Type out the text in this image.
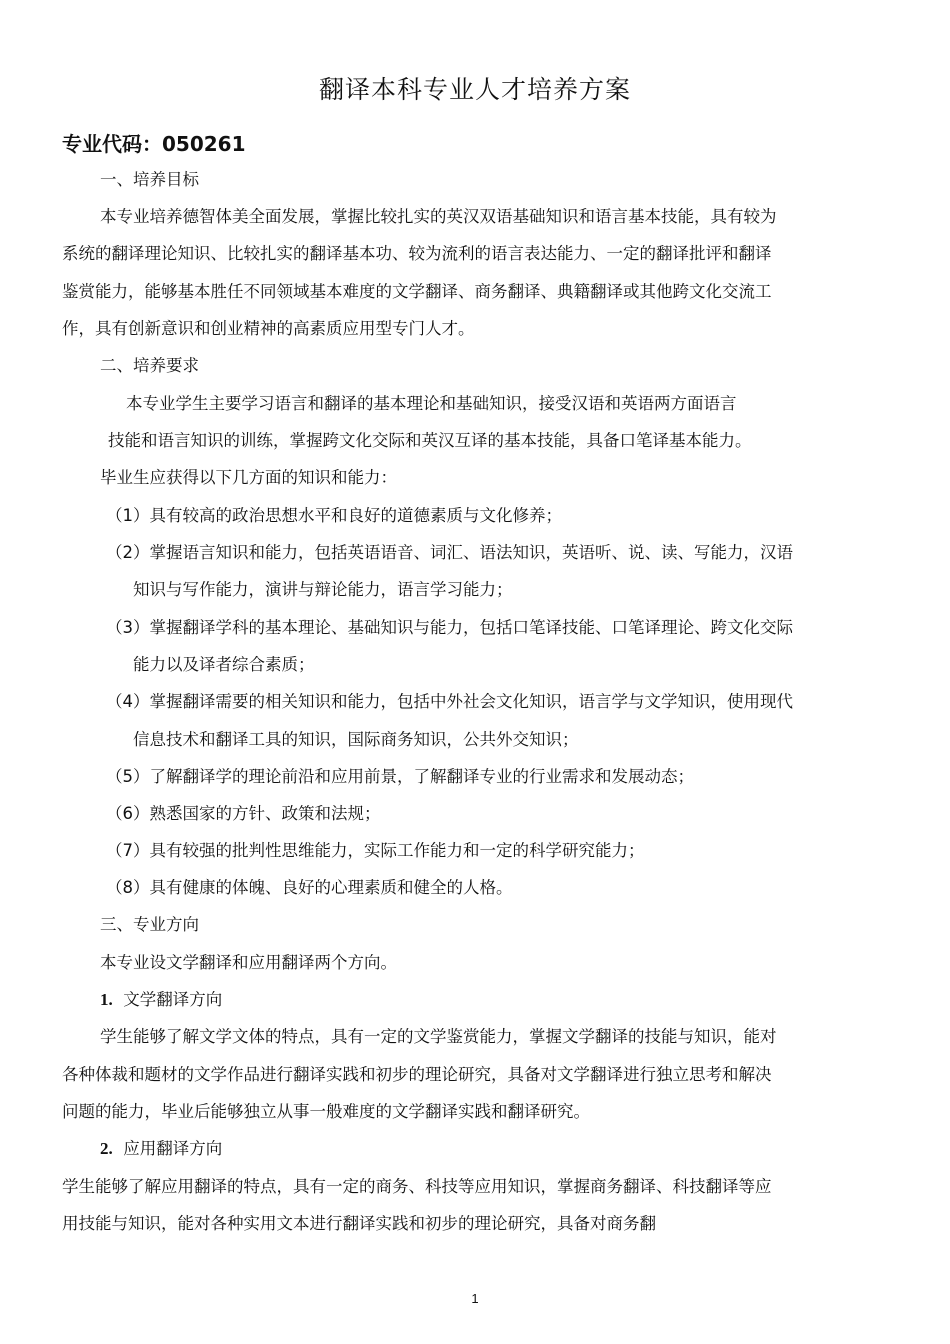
翻译本科专业人才培养方案
专业代码：050261
一、培养目标
本专业培养德智体美全面发展，掌握比较扎实的英汉双语基础知识和语言基本技能，具有较为
系统的翻译理论知识、比较扎实的翻译基本功、较为流利的语言表达能力、一定的翻译批评和翻译
鉴赏能力，能够基本胜任不同领域基本难度的文学翻译、商务翻译、典籍翻译或其他跨文化交流工
作，具有创新意识和创业精神的高素质应用型专门人才。
二、培养要求
本专业学生主要学习语言和翻译的基本理论和基础知识，接受汉语和英语两方面语言
技能和语言知识的训练，掌握跨文化交际和英汉互译的基本技能，具备口笔译基本能力。
毕业生应获得以下几方面的知识和能力：
（1）具有较高的政治思想水平和良好的道德素质与文化修养；
（2）掌握语言知识和能力，包括英语语音、词汇、语法知识，英语听、说、读、写能力，汉语
知识与写作能力，演讲与辩论能力，语言学习能力；
（3）掌握翻译学科的基本理论、基础知识与能力，包括口笔译技能、口笔译理论、跨文化交际
能力以及译者综合素质；
（4）掌握翻译需要的相关知识和能力，包括中外社会文化知识，语言学与文学知识，使用现代
信息技术和翻译工具的知识，国际商务知识，公共外交知识；
（5）了解翻译学的理论前沿和应用前景，了解翻译专业的行业需求和发展动态；
（6）熟悉国家的方针、政策和法规；
（7）具有较强的批判性思维能力，实际工作能力和一定的科学研究能力；
（8）具有健康的体魄、良好的心理素质和健全的人格。
三、专业方向
本专业设文学翻译和应用翻译两个方向。
1. 文学翻译方向
学生能够了解文学文体的特点，具有一定的文学鉴赏能力，掌握文学翻译的技能与知识，能对
各种体裁和题材的文学作品进行翻译实践和初步的理论研究，具备对文学翻译进行独立思考和解决
问题的能力，毕业后能够独立从事一般难度的文学翻译实践和翻译研究。
2. 应用翻译方向
学生能够了解应用翻译的特点，具有一定的商务、科技等应用知识，掌握商务翻译、科技翻译等应
用技能与知识，能对各种实用文本进行翻译实践和初步的理论研究，具备对商务翻
1
